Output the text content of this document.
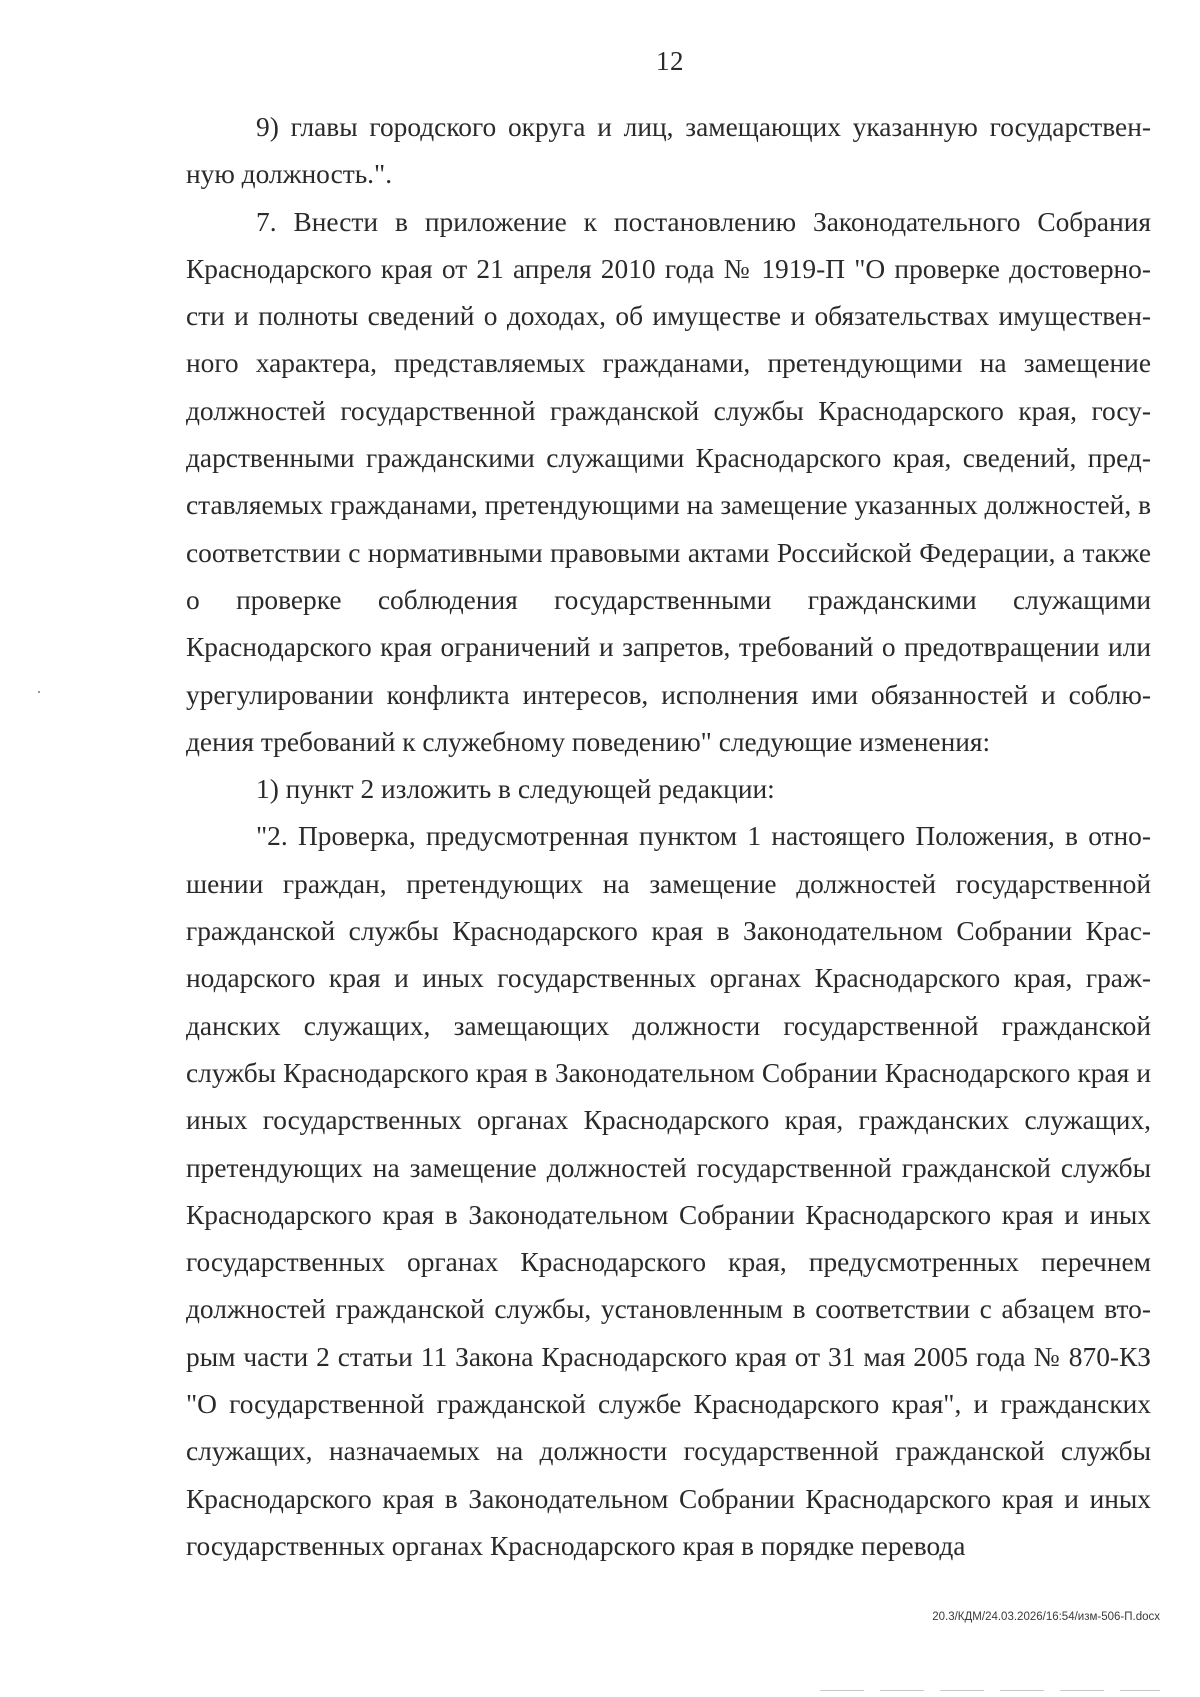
12

9) главы городского округа и лиц, замещающих указанную государственную должность.".

7. Внести в приложение к постановлению Законодательного Собрания Краснодарского края от 21 апреля 2010 года № 1919-П "О проверке достоверности и полноты сведений о доходах, об имуществе и обязательствах имущественного характера, представляемых гражданами, претендующими на замещение должностей государственной гражданской службы Краснодарского края, государственными гражданскими служащими Краснодарского края, сведений, представляемых гражданами, претендующими на замещение указанных должностей, в соответствии с нормативными правовыми актами Российской Федерации, а также о проверке соблюдения государственными гражданскими служащими Краснодарского края ограничений и запретов, требований о предотвращении или урегулировании конфликта интересов, исполнения ими обязанностей и соблюдения требований к служебному поведению" следующие изменения:

1) пункт 2 изложить в следующей редакции:

"2. Проверка, предусмотренная пунктом 1 настоящего Положения, в отношении граждан, претендующих на замещение должностей государственной гражданской службы Краснодарского края в Законодательном Собрании Краснодарского края и иных государственных органах Краснодарского края, гражданских служащих, замещающих должности государственной гражданской службы Краснодарского края в Законодательном Собрании Краснодарского края и иных государственных органах Краснодарского края, гражданских служащих, претендующих на замещение должностей государственной гражданской службы Краснодарского края в Законодательном Собрании Краснодарского края и иных государственных органах Краснодарского края, предусмотренных перечнем должностей гражданской службы, установленным в соответствии с абзацем вторым части 2 статьи 11 Закона Краснодарского края от 31 мая 2005 года № 870-КЗ "О государственной гражданской службе Краснодарского края", и гражданских служащих, назначаемых на должности государственной гражданской службы Краснодарского края в Законодательном Собрании Краснодарского края и иных государственных органах Краснодарского края в порядке перевода

20.3/КДМ/24.03.2026/16:54/изм-506-П.docx
